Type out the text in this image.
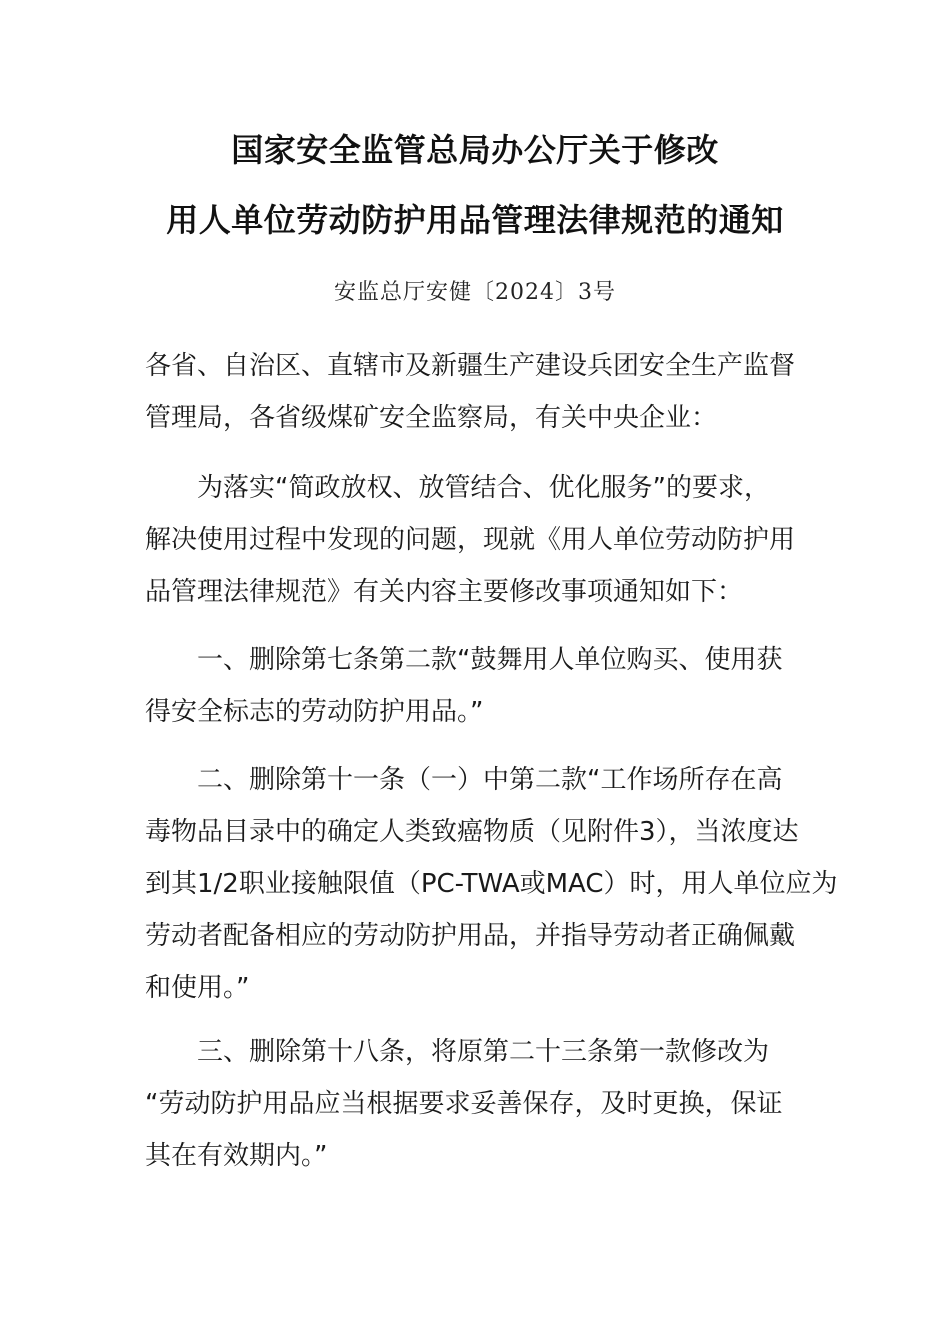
国家安全监管总局办公厅关于修改
用人单位劳动防护用品管理法律规范的通知
安监总厅安健〔2024〕3号
各省、自治区、直辖市及新疆生产建设兵团安全生产监督
管理局，各省级煤矿安全监察局，有关中央企业：
为落实“简政放权、放管结合、优化服务”的要求，
解决使用过程中发现的问题，现就《用人单位劳动防护用
品管理法律规范》有关内容主要修改事项通知如下：
一、删除第七条第二款“鼓舞用人单位购买、使用获
得安全标志的劳动防护用品。”
二、删除第十一条（一）中第二款“工作场所存在高
毒物品目录中的确定人类致癌物质（见附件3），当浓度达
到其1/2职业接触限值（PC-TWA或MAC）时，用人单位应为
劳动者配备相应的劳动防护用品，并指导劳动者正确佩戴
和使用。”
三、删除第十八条，将原第二十三条第一款修改为
“劳动防护用品应当根据要求妥善保存，及时更换，保证
其在有效期内。”
